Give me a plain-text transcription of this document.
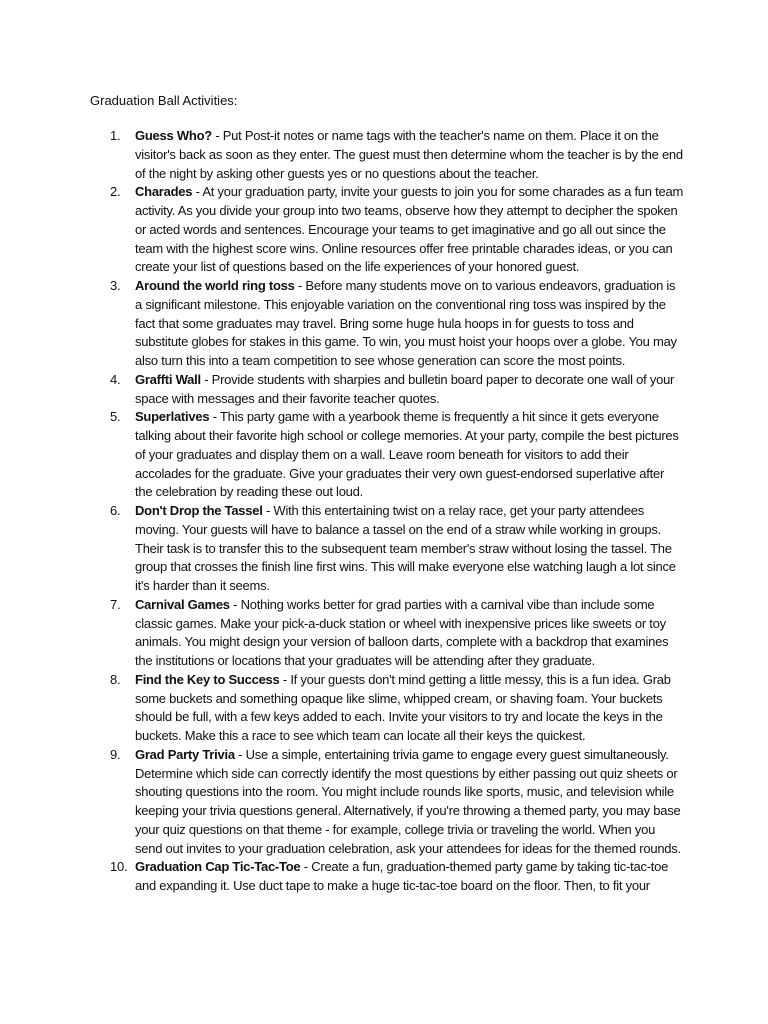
Graduation Ball Activities:
1.	Guess Who? - Put Post-it notes or name tags with the teacher's name on them. Place it on the visitor's back as soon as they enter. The guest must then determine whom the teacher is by the end of the night by asking other guests yes or no questions about the teacher.
2.	Charades - At your graduation party, invite your guests to join you for some charades as a fun team activity. As you divide your group into two teams, observe how they attempt to decipher the spoken or acted words and sentences. Encourage your teams to get imaginative and go all out since the team with the highest score wins. Online resources offer free printable charades ideas, or you can create your list of questions based on the life experiences of your honored guest.
3.	Around the world ring toss - Before many students move on to various endeavors, graduation is a significant milestone. This enjoyable variation on the conventional ring toss was inspired by the fact that some graduates may travel. Bring some huge hula hoops in for guests to toss and substitute globes for stakes in this game. To win, you must hoist your hoops over a globe. You may also turn this into a team competition to see whose generation can score the most points.
4.	Graffti Wall - Provide students with sharpies and bulletin board paper to decorate one wall of your space with messages and their favorite teacher quotes.
5.	Superlatives - This party game with a yearbook theme is frequently a hit since it gets everyone talking about their favorite high school or college memories. At your party, compile the best pictures of your graduates and display them on a wall. Leave room beneath for visitors to add their accolades for the graduate. Give your graduates their very own guest-endorsed superlative after the celebration by reading these out loud.
6.	Don't Drop the Tassel - With this entertaining twist on a relay race, get your party attendees moving. Your guests will have to balance a tassel on the end of a straw while working in groups. Their task is to transfer this to the subsequent team member's straw without losing the tassel. The group that crosses the finish line first wins. This will make everyone else watching laugh a lot since it's harder than it seems.
7.	Carnival Games - Nothing works better for grad parties with a carnival vibe than include some classic games. Make your pick-a-duck station or wheel with inexpensive prices like sweets or toy animals. You might design your version of balloon darts, complete with a backdrop that examines the institutions or locations that your graduates will be attending after they graduate.
8.	Find the Key to Success - If your guests don't mind getting a little messy, this is a fun idea. Grab some buckets and something opaque like slime, whipped cream, or shaving foam. Your buckets should be full, with a few keys added to each. Invite your visitors to try and locate the keys in the buckets. Make this a race to see which team can locate all their keys the quickest.
9.	Grad Party Trivia - Use a simple, entertaining trivia game to engage every guest simultaneously. Determine which side can correctly identify the most questions by either passing out quiz sheets or shouting questions into the room. You might include rounds like sports, music, and television while keeping your trivia questions general. Alternatively, if you're throwing a themed party, you may base your quiz questions on that theme - for example, college trivia or traveling the world. When you send out invites to your graduation celebration, ask your attendees for ideas for the themed rounds.
10. Graduation Cap Tic-Tac-Toe - Create a fun, graduation-themed party game by taking tic-tac-toe and expanding it. Use duct tape to make a huge tic-tac-toe board on the floor. Then, to fit your
